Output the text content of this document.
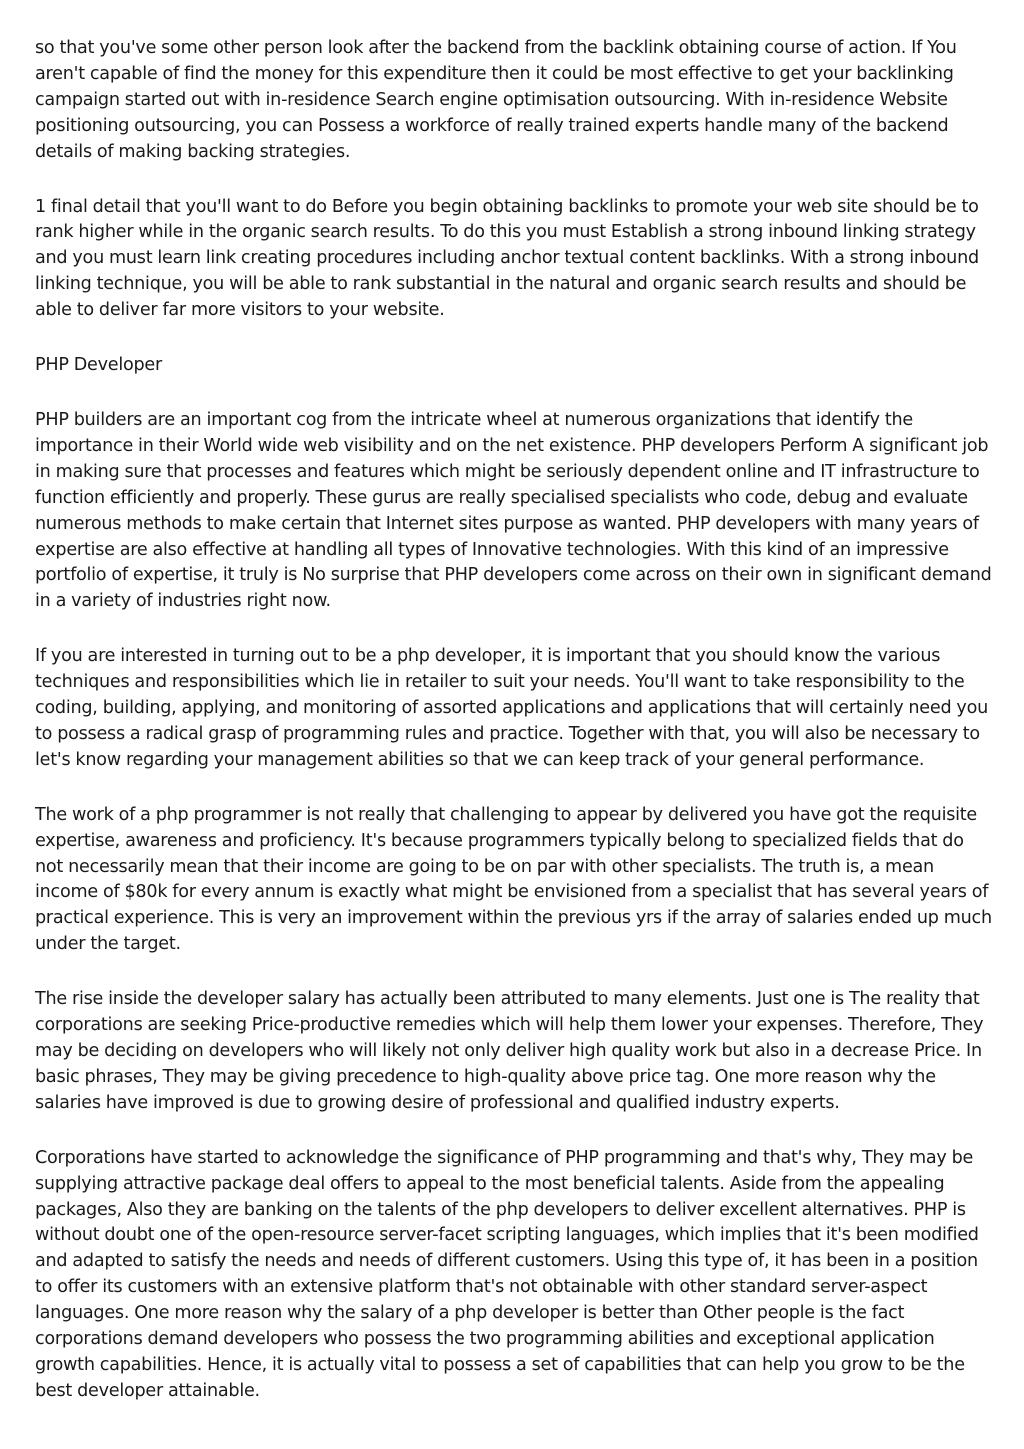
so that you've some other person look after the backend from the backlink obtaining course of action. If You aren't capable of find the money for this expenditure then it could be most effective to get your backlinking campaign started out with in-residence Search engine optimisation outsourcing. With in-residence Website positioning outsourcing, you can Possess a workforce of really trained experts handle many of the backend details of making backing strategies.

1 final detail that you'll want to do Before you begin obtaining backlinks to promote your web site should be to rank higher while in the organic search results. To do this you must Establish a strong inbound linking strategy and you must learn link creating procedures including anchor textual content backlinks. With a strong inbound linking technique, you will be able to rank substantial in the natural and organic search results and should be able to deliver far more visitors to your website.

PHP Developer

PHP builders are an important cog from the intricate wheel at numerous organizations that identify the importance in their World wide web visibility and on the net existence. PHP developers Perform A significant job in making sure that processes and features which might be seriously dependent online and IT infrastructure to function efficiently and properly. These gurus are really specialised specialists who code, debug and evaluate numerous methods to make certain that Internet sites purpose as wanted. PHP developers with many years of expertise are also effective at handling all types of Innovative technologies. With this kind of an impressive portfolio of expertise, it truly is No surprise that PHP developers come across on their own in significant demand in a variety of industries right now.

If you are interested in turning out to be a php developer, it is important that you should know the various techniques and responsibilities which lie in retailer to suit your needs. You'll want to take responsibility to the coding, building, applying, and monitoring of assorted applications and applications that will certainly need you to possess a radical grasp of programming rules and practice. Together with that, you will also be necessary to let's know regarding your management abilities so that we can keep track of your general performance.

The work of a php programmer is not really that challenging to appear by delivered you have got the requisite expertise, awareness and proficiency. It's because programmers typically belong to specialized fields that do not necessarily mean that their income are going to be on par with other specialists. The truth is, a mean income of $80k for every annum is exactly what might be envisioned from a specialist that has several years of practical experience. This is very an improvement within the previous yrs if the array of salaries ended up much under the target.

The rise inside the developer salary has actually been attributed to many elements. Just one is The reality that corporations are seeking Price-productive remedies which will help them lower your expenses. Therefore, They may be deciding on developers who will likely not only deliver high quality work but also in a decrease Price. In basic phrases, They may be giving precedence to high-quality above price tag. One more reason why the salaries have improved is due to growing desire of professional and qualified industry experts.

Corporations have started to acknowledge the significance of PHP programming and that's why, They may be supplying attractive package deal offers to appeal to the most beneficial talents. Aside from the appealing packages, Also they are banking on the talents of the php developers to deliver excellent alternatives. PHP is without doubt one of the open-resource server-facet scripting languages, which implies that it's been modified and adapted to satisfy the needs and needs of different customers. Using this type of, it has been in a position to offer its customers with an extensive platform that's not obtainable with other standard server-aspect languages. One more reason why the salary of a php developer is better than Other people is the fact corporations demand developers who possess the two programming abilities and exceptional application growth capabilities. Hence, it is actually vital to possess a set of capabilities that can help you grow to be the best developer attainable.
